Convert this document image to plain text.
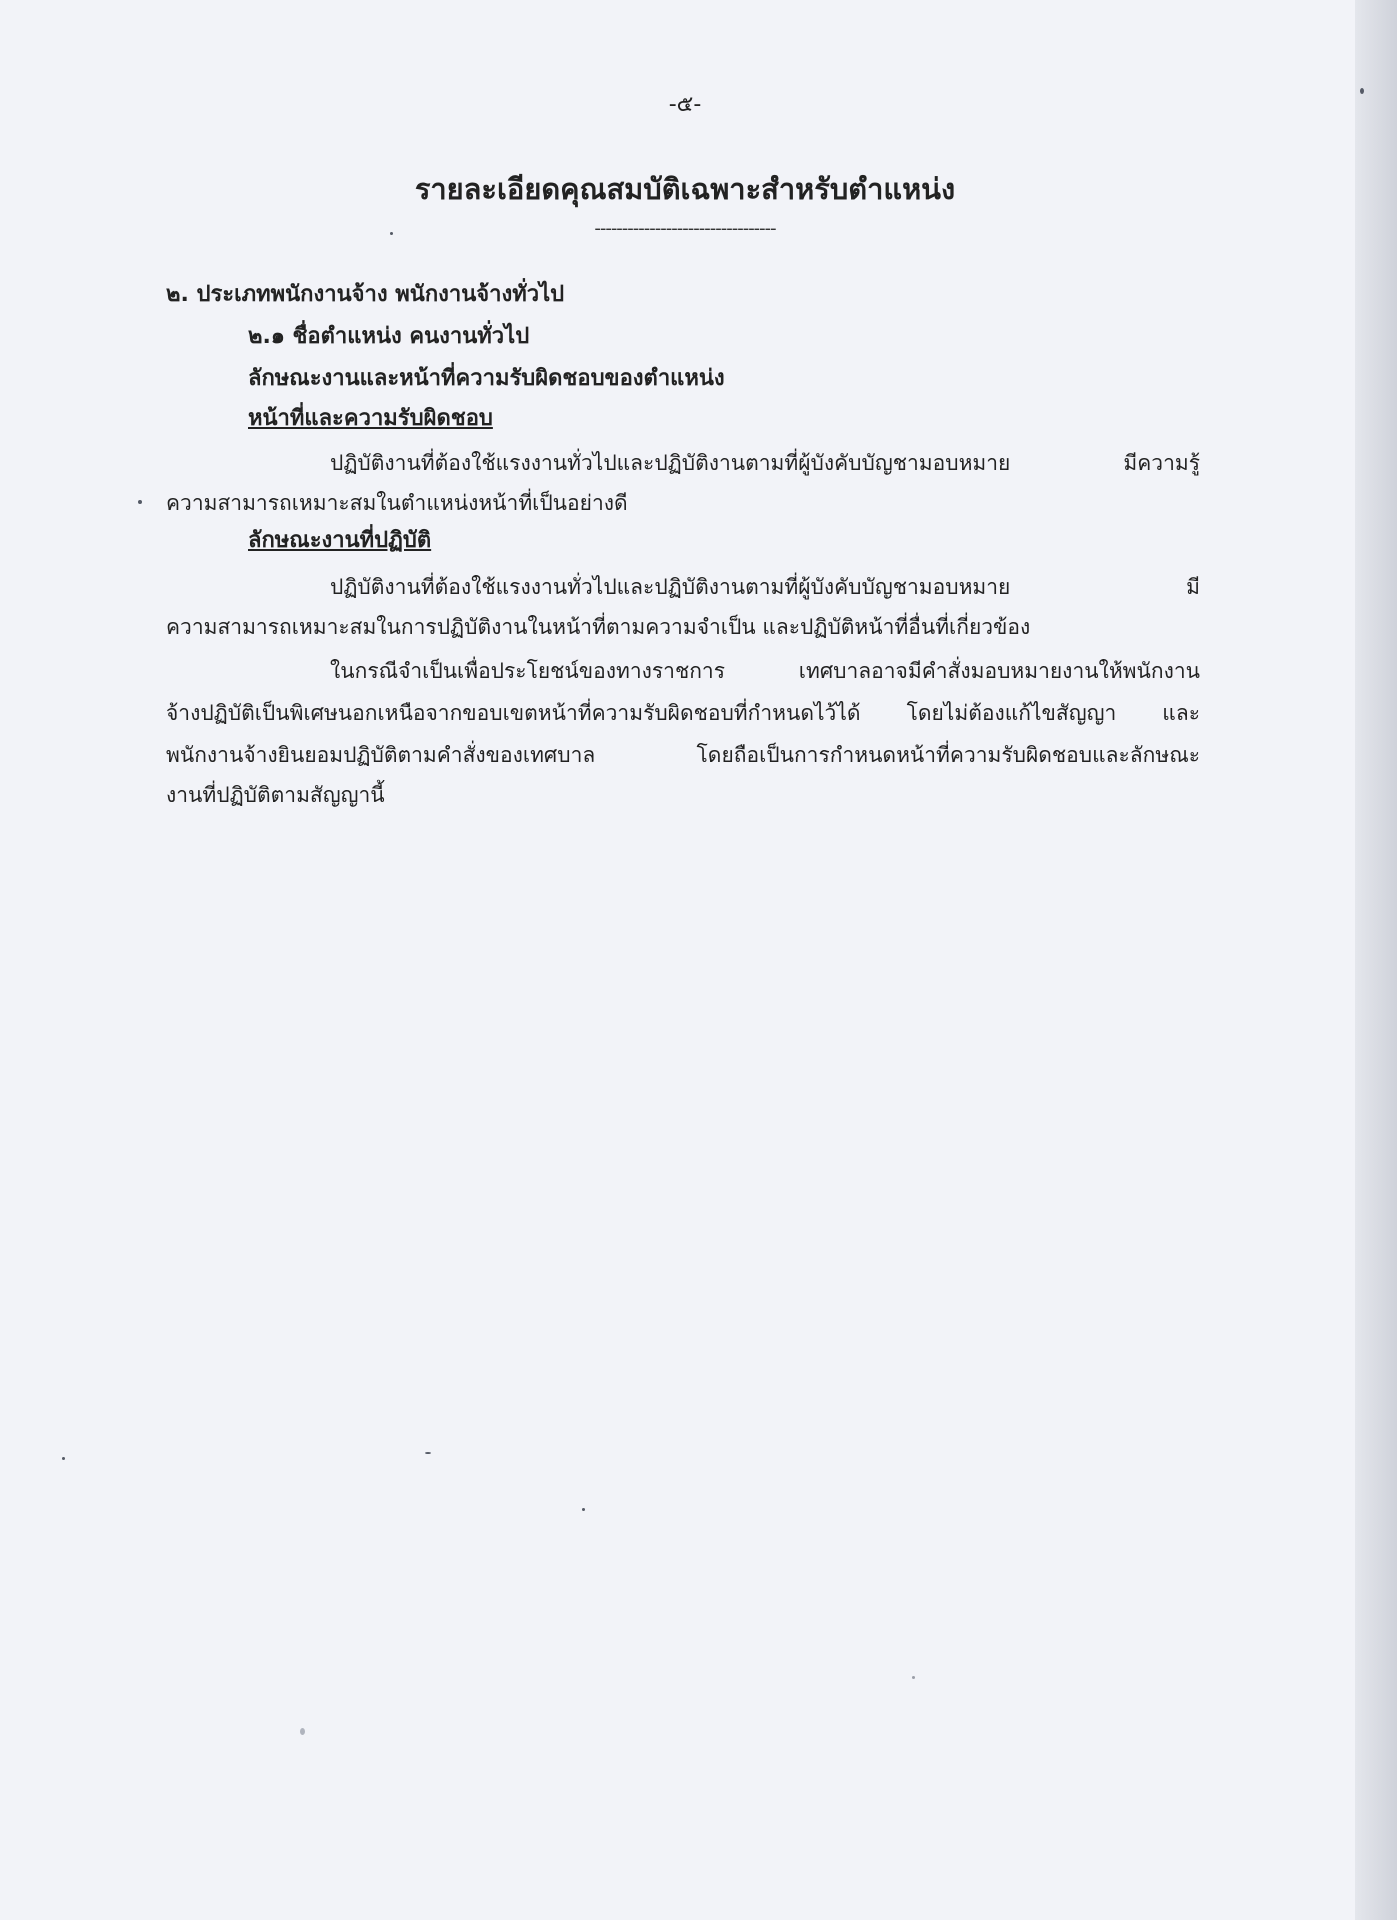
-๕-
รายละเอียดคุณสมบัติเฉพาะสำหรับตำแหน่ง
---------------------------------
๒. ประเภทพนักงานจ้าง พนักงานจ้างทั่วไป
๒.๑ ชื่อตำแหน่ง คนงานทั่วไป
ลักษณะงานและหน้าที่ความรับผิดชอบของตำแหน่ง
หน้าที่และความรับผิดชอบ
ปฏิบัติงานที่ต้องใช้แรงงานทั่วไปและปฏิบัติงานตามที่ผู้บังคับบัญชามอบหมาย มีความรู้
ความสามารถเหมาะสมในตำแหน่งหน้าที่เป็นอย่างดี
ลักษณะงานที่ปฏิบัติ
ปฏิบัติงานที่ต้องใช้แรงงานทั่วไปและปฏิบัติงานตามที่ผู้บังคับบัญชามอบหมาย มี
ความสามารถเหมาะสมในการปฏิบัติงานในหน้าที่ตามความจำเป็น และปฏิบัติหน้าที่อื่นที่เกี่ยวข้อง
ในกรณีจำเป็นเพื่อประโยชน์ของทางราชการ เทศบาลอาจมีคำสั่งมอบหมายงานให้พนักงาน
จ้างปฏิบัติเป็นพิเศษนอกเหนือจากขอบเขตหน้าที่ความรับผิดชอบที่กำหนดไว้ได้ โดยไม่ต้องแก้ไขสัญญา และ
พนักงานจ้างยินยอมปฏิบัติตามคำสั่งของเทศบาล โดยถือเป็นการกำหนดหน้าที่ความรับผิดชอบและลักษณะ
งานที่ปฏิบัติตามสัญญานี้
